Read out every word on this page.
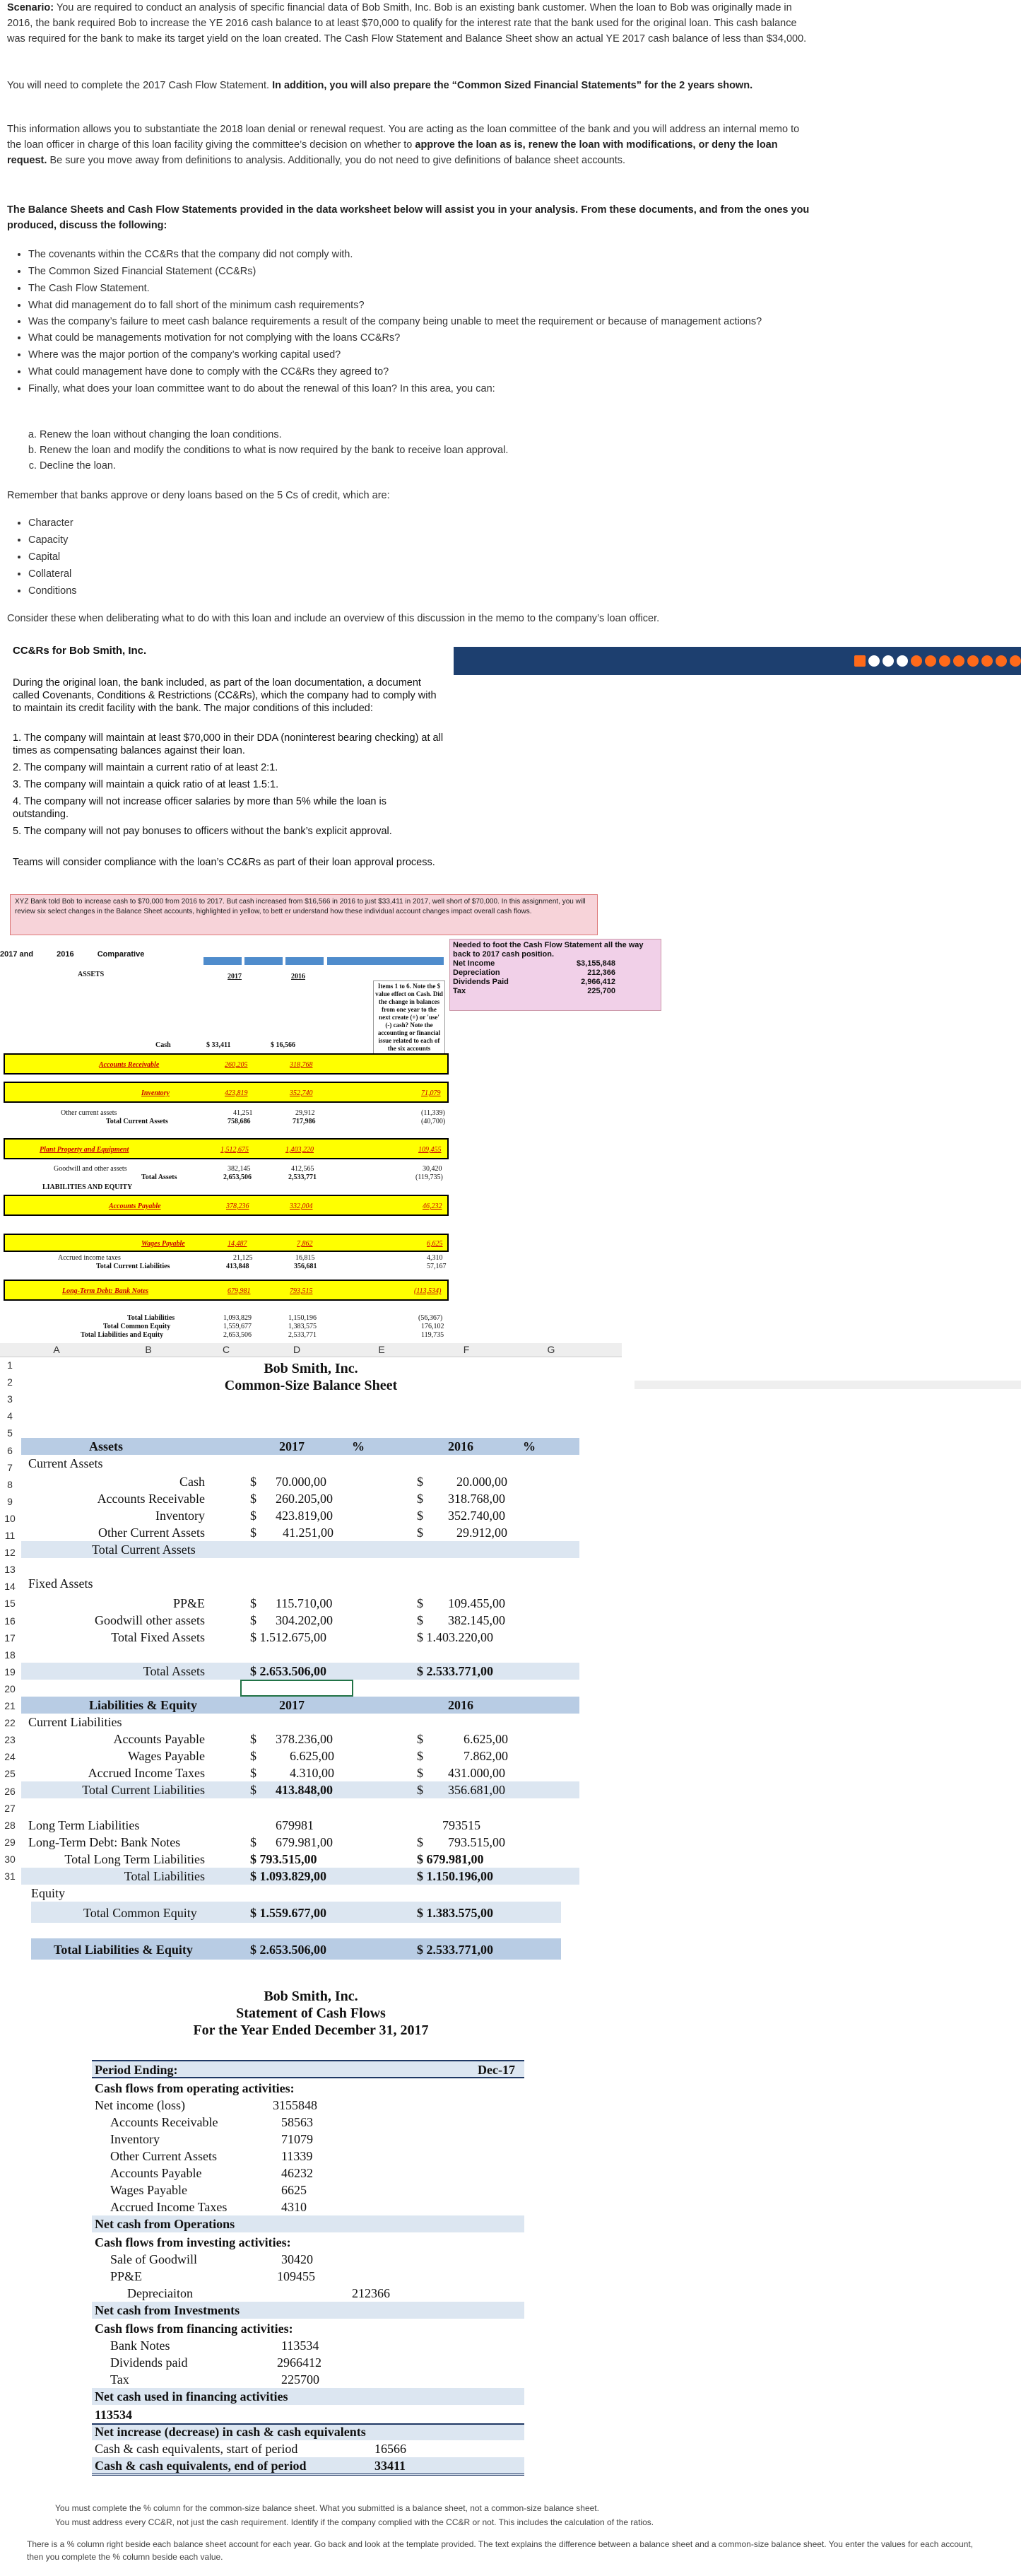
Scenario: You are required to conduct an analysis of specific financial data of Bob Smith, Inc. Bob is an existing bank customer. When the loan to Bob was originally made in 2016, the bank required Bob to increase the YE 2016 cash balance to at least $70,000 to qualify for the interest rate that the bank used for the original loan. This cash balance was required for the bank to make its target yield on the loan created. The Cash Flow Statement and Balance Sheet show an actual YE 2017 cash balance of less than $34,000.
You will need to complete the 2017 Cash Flow Statement. In addition, you will also prepare the “Common Sized Financial Statements” for the 2 years shown.
This information allows you to substantiate the 2018 loan denial or renewal request. You are acting as the loan committee of the bank and you will address an internal memo to the loan officer in charge of this loan facility giving the committee’s decision on whether to approve the loan as is, renew the loan with modifications, or deny the loan request. Be sure you move away from definitions to analysis. Additionally, you do not need to give definitions of balance sheet accounts.
The Balance Sheets and Cash Flow Statements provided in the data worksheet below will assist you in your analysis. From these documents, and from the ones you produced, discuss the following:
• The covenants within the CC&Rs that the company did not comply with.
• The Common Sized Financial Statement (CC&Rs)
• The Cash Flow Statement.
• What did management do to fall short of the minimum cash requirements?
• Was the company’s failure to meet cash balance requirements a result of the company being unable to meet the requirement or because of management actions?
• What could be managements motivation for not complying with the loans CC&Rs?
• Where was the major portion of the company’s working capital used?
• What could management have done to comply with the CC&Rs they agreed to?
• Finally, what does your loan committee want to do about the renewal of this loan? In this area, you can:
a. Renew the loan without changing the loan conditions.
b. Renew the loan and modify the conditions to what is now required by the bank to receive loan approval.
c. Decline the loan.
Remember that banks approve or deny loans based on the 5 Cs of credit, which are:
• Character
• Capacity
• Capital
• Collateral
• Conditions
Consider these when deliberating what to do with this loan and include an overview of this discussion in the memo to the company’s loan officer.
CC&Rs for Bob Smith, Inc.

During the original loan, the bank included, as part of the loan documentation, a document called Covenants, Conditions & Restrictions (CC&Rs), which the company had to comply with to maintain its credit facility with the bank. The major conditions of this included:

1. The company will maintain at least $70,000 in their DDA (noninterest bearing checking) at all times as compensating balances against their loan.

2. The company will maintain a current ratio of at least 2:1.

3. The company will maintain a quick ratio of at least 1.5:1.

4. The company will not increase officer salaries by more than 5% while the loan is outstanding.

5. The company will not pay bonuses to officers without the bank’s explicit approval.

Teams will consider compliance with the loan’s CC&Rs as part of their loan approval process.

XYZ Bank told Bob to increase cash to $70,000 from 2016 to 2017. But cash increased from $16,566 in 2016 to just $33,411 in 2017, well short of $70,000. In this assignment, you will review six select changes in the Balance Sheet accounts, highlighted in yellow, to bett er understand how these individual account changes impact overall cash flows.
Needed to foot the Cash Flow Statement all the way back to 2017 cash position.
Net Income	$3,155,848
Depreciation	212,366
Dividends Paid	2,966,412
Tax	225,700
2017 and	2016	Comparative
ASSETS	2017	2016
Items 1 to 6. Note the $ value effect on Cash. Did the change in balances from one year to the next create (+) or 'use' (-) cash? Note the accounting or financial issue related to each of the six accounts
Cash	$ 33,411	$ 16,566
Accounts Receivable	260,205	318,768
Inventory	423,819	352,740	71,079
Other current assets	41,251	29,912	(11,339)
Total Current Assets	758,686	717,986	(40,700)
Plant Property and Equipment	1,512,675	1,403,220	109,455
Goodwill and other assets	382,145	412,565	30,420
Total Assets	2,653,506	2,533,771	(119,735)
LIABILITIES AND EQUITY
Accounts Payable	378,236	332,004	46,232
Wages Payable	14,487	7,862	6,625
Accrued income taxes	21,125	16,815	4,310
Total Current Liabilities	413,848	356,681	57,167
Long-Term Debt: Bank Notes	679,981	793,515	(113,534)
Total Liabilities	1,093,829	1,150,196	(56,367)
Total Common Equity	1,559,677	1,383,575	176,102
Total Liabilities and Equity	2,653,506	2,533,771	119,735
A	B	C	D	E	F	G
1
2
3
4
5
6
7
8
9
10
11
12
13
14
15
16
17
18
19
20
21
22
23
24
25
26
27
28
29
30
31
Bob Smith, Inc.
Common-Size Balance Sheet
Assets	2017	%	2016	%
Current Assets
Cash	$ 70.000,00	$	20.000,00
Accounts Receivable	$ 260.205,00	$ 318.768,00
Inventory	$ 423.819,00	$ 352.740,00
Other Current Assets	$ 41.251,00	$	29.912,00
Total Current Assets
Fixed Assets
PP&E	$ 115.710,00	$ 109.455,00
Goodwill other assets	$ 304.202,00	$ 382.145,00
Total Fixed Assets	$ 1.512.675,00	$ 1.403.220,00
Total Assets	$ 2.653.506,00	$ 2.533.771,00
Liabilities & Equity	2017	2016
Current Liabilities
Accounts Payable	$ 378.236,00	$	6.625,00
Wages Payable	$	6.625,00	$	7.862,00
Accrued Income Taxes	$	4.310,00	$ 431.000,00
Total Current Liabilities	$ 413.848,00	$ 356.681,00
Long Term Liabilities	679981	793515
Long-Term Debt: Bank Notes	$ 679.981,00	$ 793.515,00
Total Long Term Liabilities	$ 793.515,00	$ 679.981,00
Total Liabilities	$ 1.093.829,00	$ 1.150.196,00
Equity
Total Common Equity	$ 1.559.677,00	$ 1.383.575,00
Total Liabilities & Equity	$ 2.653.506,00	$ 2.533.771,00
Bob Smith, Inc.
Statement of Cash Flows
For the Year Ended December 31, 2017
Period Ending:	Dec-17
Cash flows from operating activities:
Net income (loss)	3155848
Accounts Receivable	58563
Inventory	71079
Other Current Assets	11339
Accounts Payable	46232
Wages Payable	6625
Accrued Income Taxes	4310
Net cash from Operations
Cash flows from investing activities:
Sale of Goodwill	30420
PP&E	109455
Depreciaiton	212366
Net cash from Investments
Cash flows from financing activities:
Bank Notes	113534
Dividends paid	2966412
Tax	225700
Net cash used in financing activities
113534
Net increase (decrease) in cash & cash equivalents
Cash & cash equivalents, start of period	16566
Cash & cash equivalents, end of period	33411
You must complete the % column for the common-size balance sheet. What you submitted is a balance sheet, not a common-size balance sheet.
You must address every CC&R, not just the cash requirement. Identify if the company complied with the CC&R or not. This includes the calculation of the ratios.
There is a % column right beside each balance sheet account for each year. Go back and look at the template provided. The text explains the difference between a balance sheet and a common-size balance sheet. You enter the values for each account, then you complete the % column beside each value.
